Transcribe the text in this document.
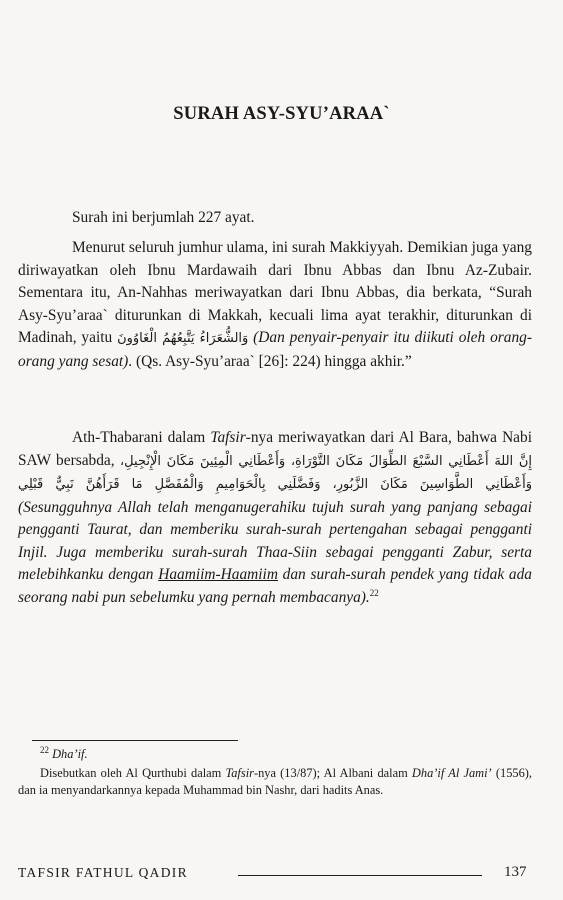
SURAH ASY-SYU’ARAA`
Surah ini berjumlah 227 ayat.
Menurut seluruh jumhur ulama, ini surah Makkiyyah. Demikian juga yang diriwayatkan oleh Ibnu Mardawaih dari Ibnu Abbas dan Ibnu Az-Zubair. Sementara itu, An-Nahhas meriwayatkan dari Ibnu Abbas, dia berkata, “Surah Asy-Syu’araa` diturunkan di Makkah, kecuali lima ayat terakhir, diturunkan di Madinah, yaitu وَالشُّعَرَاءُ يَتَّبِعُهُمُ الْغَاوُونَ (Dan penyair-penyair itu diikuti oleh orang-orang yang sesat). (Qs. Asy-Syu’araa` [26]: 224) hingga akhir.”
Ath-Thabarani dalam Tafsir-nya meriwayatkan dari Al Bara, bahwa Nabi SAW bersabda, إِنَّ اللهَ أَعْطَانِي السَّبْعَ الطِّوَالَ مَكَانَ التَّوْرَاةِ، وَأَعْطَانِي الْمِئِينَ مَكَانَ الْإِنْجِيلِ، وَأَعْطَانِي الطَّوَاسِينَ مَكَانَ الزَّبُورِ، وَفَضَّلَنِي بِالْحَوَامِيمِ وَالْمُفَصَّلِ مَا قَرَأَهُنَّ نَبِيٌّ قَبْلِي (Sesungguhnya Allah telah menganugerahiku tujuh surah yang panjang sebagai pengganti Taurat, dan memberiku surah-surah pertengahan sebagai pengganti Injil. Juga memberiku surah-surah Thaa-Siin sebagai pengganti Zabur, serta melebihkanku dengan Haamiim-Haamiim dan surah-surah pendek yang tidak ada seorang nabi pun sebelumku yang pernah membacanya).$^{22}$
$^{22}$ Dha’if.
Disebutkan oleh Al Qurthubi dalam Tafsir-nya (13/87); Al Albani dalam Dha’if Al Jami’ (1556), dan ia menyandarkannya kepada Muhammad bin Nashr, dari hadits Anas.
TAFSIR FATHUL QADIR	137
